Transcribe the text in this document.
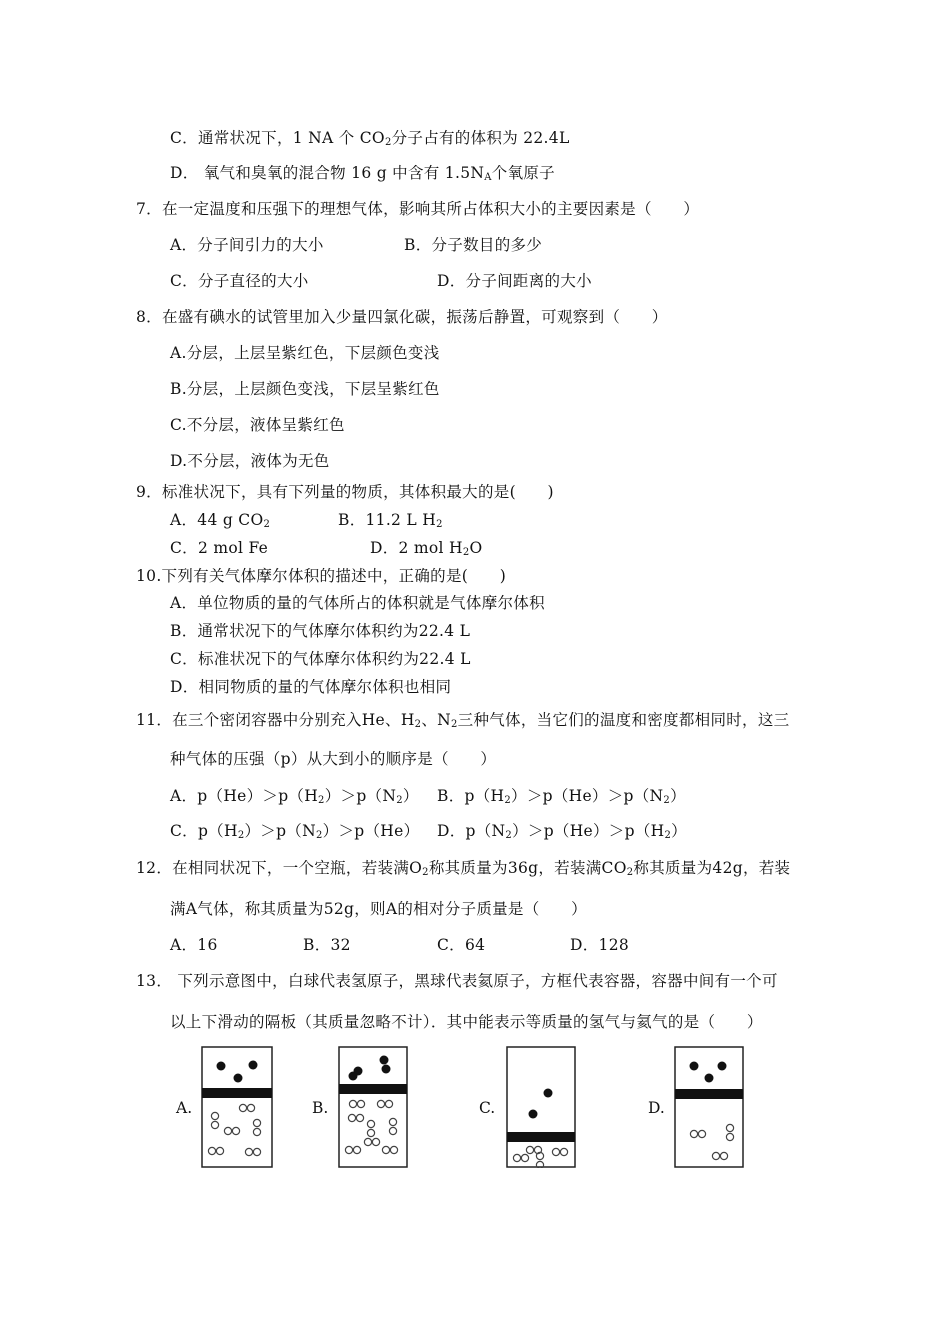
C．通常状况下，1 NA 个 $CO_2$分子占有的体积为 22.4L
D． 氧气和臭氧的混合物 16 g 中含有 $1.5N_A$个氧原子
7．在一定温度和压强下的理想气体，影响其所占体积大小的主要因素是（　　）
A．分子间引力的大小	B．分子数目的多少
C．分子直径的大小	D．分子间距离的大小
8．在盛有碘水的试管里加入少量四氯化碳，振荡后静置，可观察到（　　）
A.分层，上层呈紫红色，下层颜色变浅
B.分层，上层颜色变浅，下层呈紫红色
C.不分层，液体呈紫红色
D.不分层，液体为无色
9．标准状况下，具有下列量的物质，其体积最大的是(　　)
A．44 g $CO_2$	B．11.2 L $H_2$
C．2 mol Fe	D．2 mol $H_2O$
10.下列有关气体摩尔体积的描述中，正确的是(　　)
A．单位物质的量的气体所占的体积就是气体摩尔体积
B．通常状况下的气体摩尔体积约为22.4 L
C．标准状况下的气体摩尔体积约为22.4 L
D．相同物质的量的气体摩尔体积也相同
11．在三个密闭容器中分别充入He、$H_2$、$N_2$三种气体，当它们的温度和密度都相同时，这三
种气体的压强（p）从大到小的顺序是（　　）
A．$p(He)>p(H_2)>p(N_2)$ B．$p(H_2)>p(He)>p(N_2)$
C．$p(H_2)>p(N_2)>p(He)$ D．$p(N_2)>p(He)>p(H_2)$
12．在相同状况下，一个空瓶，若装满$O_2$称其质量为36g，若装满$CO_2$称其质量为42g，若装
满A气体，称其质量为52g，则A的相对分子质量是（　　）
A．16	B．32	C．64	D．128
13． 下列示意图中，白球代表氢原子，黑球代表氦原子，方框代表容器，容器中间有一个可
以上下滑动的隔板（其质量忽略不计）．其中能表示等质量的氢气与氦气的是（　　）
A.	B.	C.	D.
